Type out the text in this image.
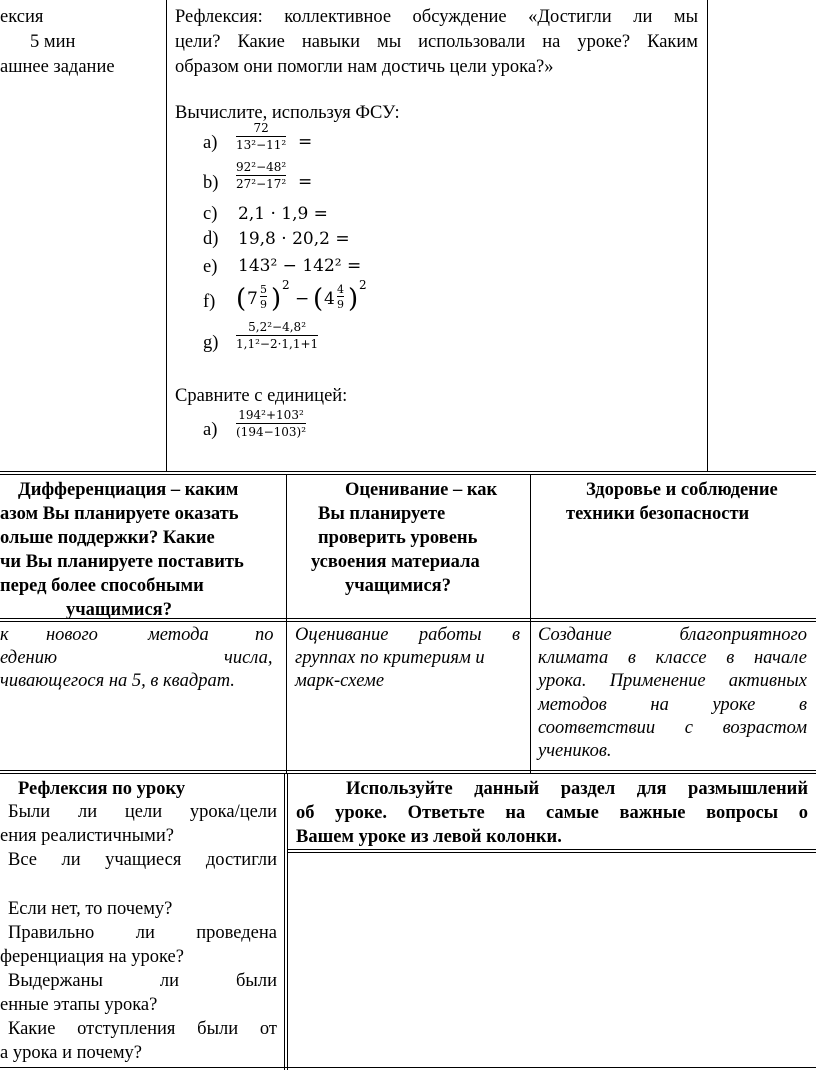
ексия
5 мин
ашнее задание
Рефлексия: коллективное обсуждение «Достигли ли мы
цели? Какие навыки мы использовали на уроке? Каким
образом они помогли нам достичь цели урока?»
Вычислите, используя ФСУ:
$a) \frac{72}{\text{13²−11²}}$ =
$b) \frac{\text{92²−48²}}{\text{27²−17²}}$ =
c) 2,1 · 1,9 =
d) 19,8 · 20,2 =
e) 143² − 142² =
f) ( $7 \frac{5}{9}$ ) 2
− ( $4 \frac{4}{9}$ ) 2
$g) \frac{\text{5,2²−4,8²}}{\text{1,1²−2·1,1+1}}$
Сравните с единицей:
$a) \frac{\text{194²+103²}}{\text{(194−103)²}}$
Дифференциация – каким
азом Вы планируете оказать
ольше поддержки? Какие
чи Вы планируете поставить
перед более способными
учащимися?
Оценивание – как
Вы планируете
проверить уровень
усвоения материала
учащимися?
Здоровье и соблюдение
техники безопасности
к нового	метода	по
едению	числа,
чивающегося на 5, в квадрат.
Оценивание работы в
группах по критериям и
марк-схеме
Создание благоприятного
климата в классе в начале
урока. Применение активных
методов на уроке в
соответствии с возрастом
учеников.
Рефлексия по уроку
Были ли цели урока/цели
ения реалистичными?
Все ли учащиеся достигли
Если нет, то почему?
Правильно ли проведена
ференциация на уроке?
Выдержаны ли были
енные этапы урока?
Какие отступления были от
а урока и почему?
Используйте данный раздел для размышлений
об уроке. Ответьте на самые важные вопросы о
Вашем уроке из левой колонки.
